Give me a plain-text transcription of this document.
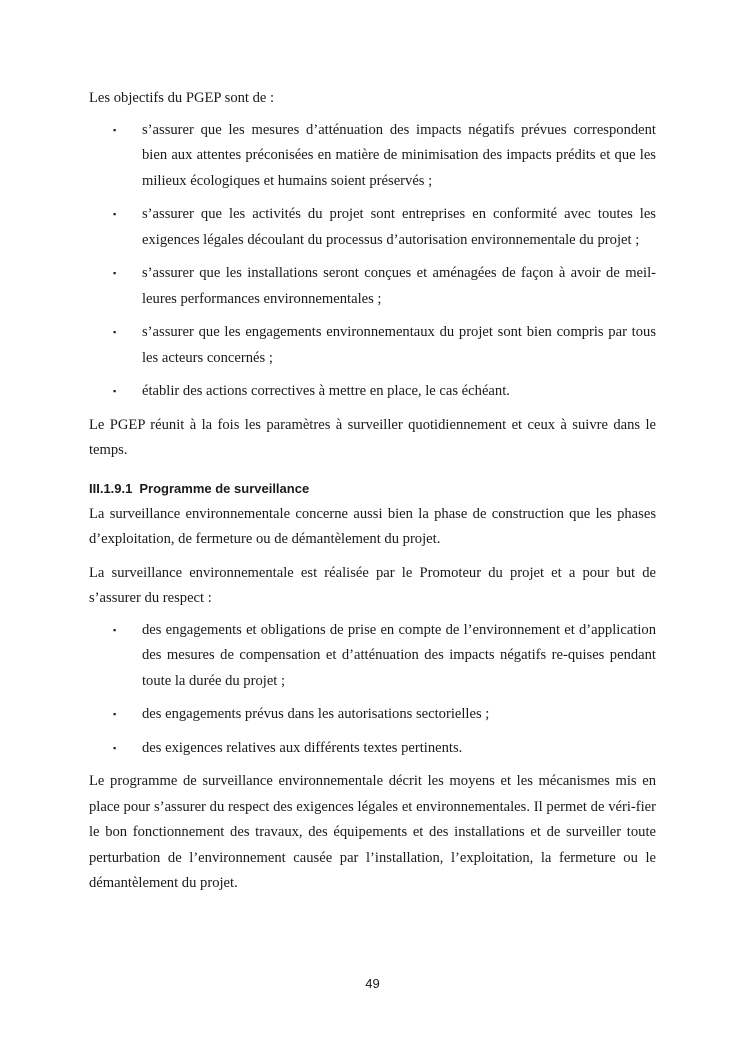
Les objectifs du PGEP sont de :

▪ s’assurer que les mesures d’atténuation des impacts négatifs prévues correspondent bien aux attentes préconisées en matière de minimisation des impacts prédits et que les milieux écologiques et humains soient préservés ;
▪ s’assurer que les activités du projet sont entreprises en conformité avec toutes les exigences légales découlant du processus d’autorisation environnementale du projet ;
▪ s’assurer que les installations seront conçues et aménagées de façon à avoir de meil-leures performances environnementales ;
▪ s’assurer que les engagements environnementaux du projet sont bien compris par tous les acteurs concernés ;
▪ établir des actions correctives à mettre en place, le cas échéant.

Le PGEP réunit à la fois les paramètres à surveiller quotidiennement et ceux à suivre dans le temps.

III.1.9.1 Programme de surveillance

La surveillance environnementale concerne aussi bien la phase de construction que les phases d’exploitation, de fermeture ou de démantèlement du projet.

La surveillance environnementale est réalisée par le Promoteur du projet et a pour but de s’assurer du respect :

▪ des engagements et obligations de prise en compte de l’environnement et d’application des mesures de compensation et d’atténuation des impacts négatifs re-quises pendant toute la durée du projet ;
▪ des engagements prévus dans les autorisations sectorielles ;
▪ des exigences relatives aux différents textes pertinents.

Le programme de surveillance environnementale décrit les moyens et les mécanismes mis en place pour s’assurer du respect des exigences légales et environnementales. Il permet de véri-fier le bon fonctionnement des travaux, des équipements et des installations et de surveiller toute perturbation de l’environnement causée par l’installation, l’exploitation, la fermeture ou le démantèlement du projet.

49
